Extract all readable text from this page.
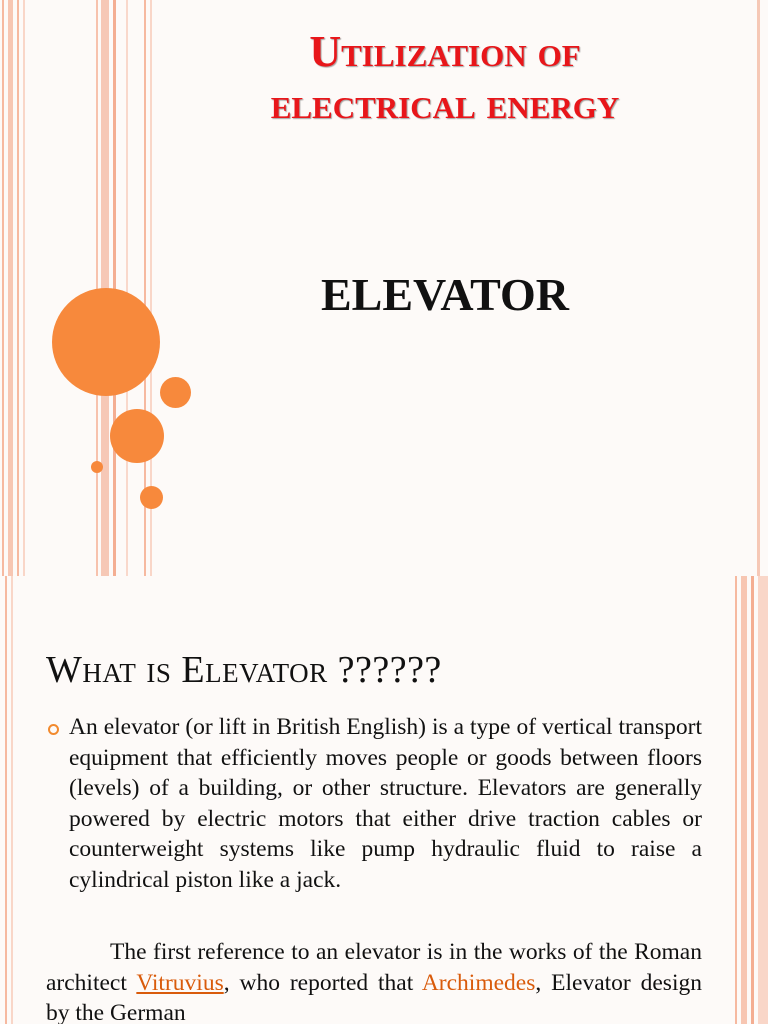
Utilization of
electrical energy
ELEVATOR
What is Elevator ??????
An elevator (or lift in British English) is a type of vertical transport equipment that efficiently moves people or goods between floors (levels) of a building, or other structure. Elevators are generally powered by electric motors that either drive traction cables or counterweight systems like pump hydraulic fluid to raise a cylindrical piston like a jack.
The first reference to an elevator is in the works of the Roman architect Vitruvius, who reported that Archimedes, Elevator design by the German
